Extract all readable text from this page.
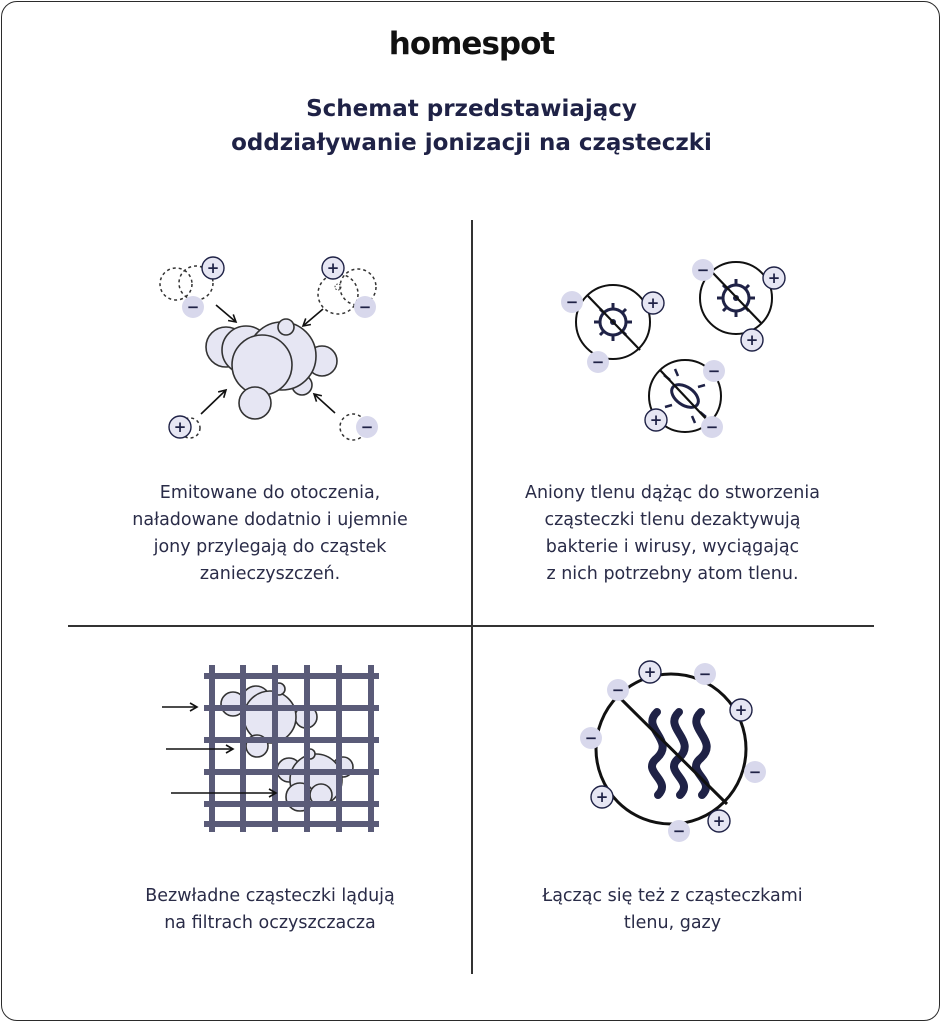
homespot
Schemat przedstawiający
oddziaływanie jonizacji na cząsteczki
+
−
+
−
+	−
Emitowane do otoczenia,
naładowane dodatnio i ujemnie
jony przylegają do cząstek
zanieczyszczeń.
−	+
−
−	+
+
−
+	−
Aniony tlenu dążąc do stworzenia
cząsteczki tlenu dezaktywują
bakterie i wirusy, wyciągając
z nich potrzebny atom tlenu.
Bezwładne cząsteczki lądują
na filtrach oczyszczacza
−
+	−
+
−
−
+
+
−
Łącząc się też z cząsteczkami
tlenu, gazy
